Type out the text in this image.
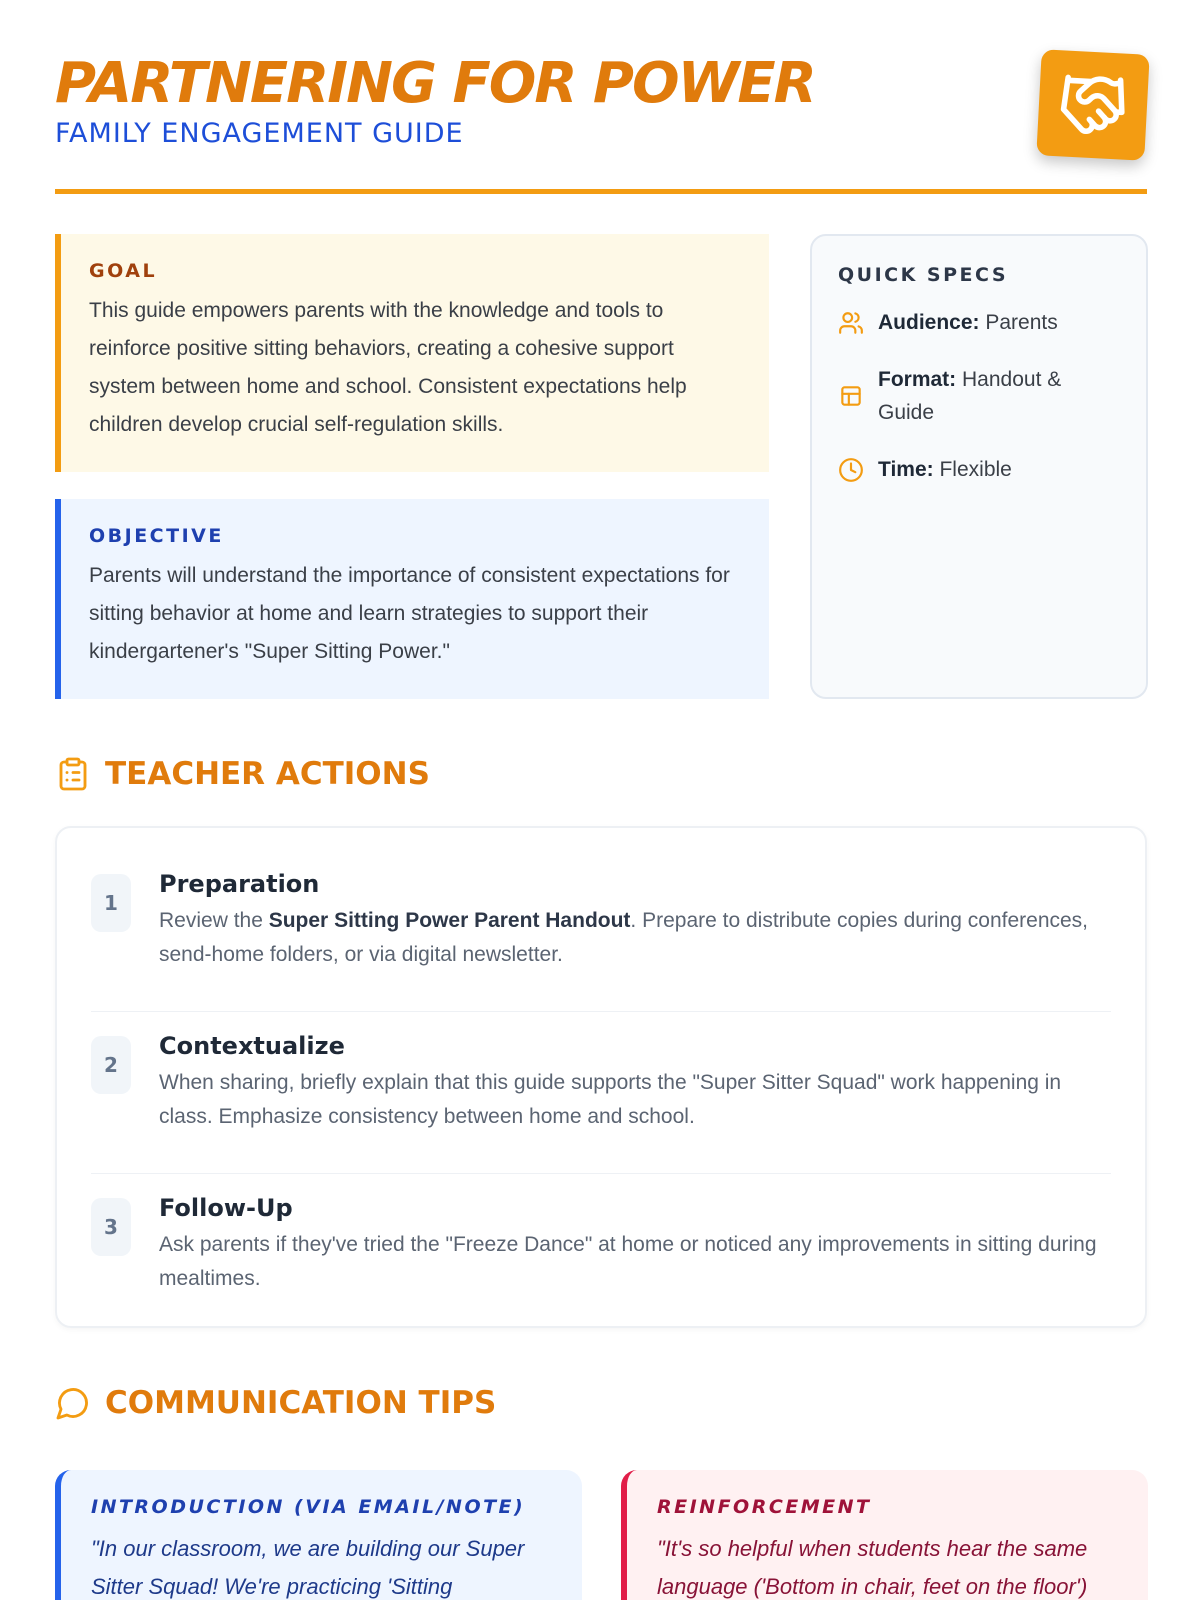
PARTNERING FOR POWER
FAMILY ENGAGEMENT GUIDE
GOAL
This guide empowers parents with the knowledge and tools to reinforce positive sitting behaviors, creating a cohesive support system between home and school. Consistent expectations help children develop crucial self-regulation skills.
OBJECTIVE
Parents will understand the importance of consistent expectations for sitting behavior at home and learn strategies to support their kindergartener's "Super Sitting Power."
QUICK SPECS
Audience: Parents
Format: Handout & Guide
Time: Flexible
TEACHER ACTIONS
1
Preparation
Review the Super Sitting Power Parent Handout. Prepare to distribute copies during conferences, send-home folders, or via digital newsletter.
2
Contextualize
When sharing, briefly explain that this guide supports the "Super Sitter Squad" work happening in class. Emphasize consistency between home and school.
3
Follow-Up
Ask parents if they've tried the "Freeze Dance" at home or noticed any improvements in sitting during mealtimes.
COMMUNICATION TIPS
INTRODUCTION (VIA EMAIL/NOTE)
"In our classroom, we are building our Super Sitter Squad! We're practicing 'Sitting
REINFORCEMENT
"It's so helpful when students hear the same language ('Bottom in chair, feet on the floor')
